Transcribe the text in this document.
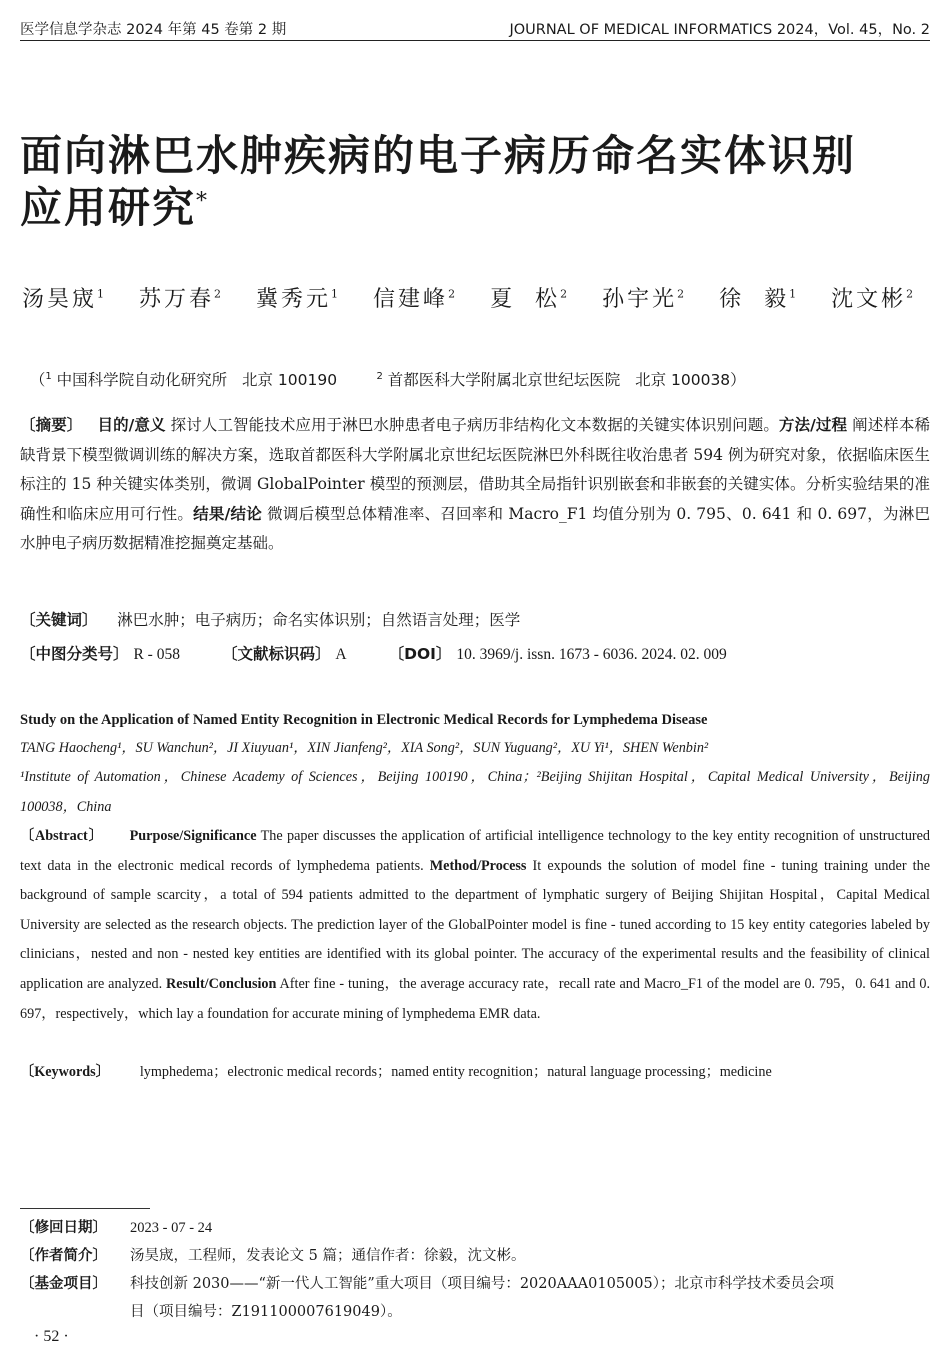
医学信息学杂志 2024 年第 45 卷第 2 期	JOURNAL OF MEDICAL INFORMATICS 2024，Vol. 45，No. 2
面向淋巴水肿疾病的电子病历命名实体识别
应用研究*
汤昊宬$^1$ 苏万春$^2$ 冀秀元$^1$ 信建峰$^2$ 夏  松$^2$ 孙宇光$^2$ 徐  毅$^1$ 沈文彬$^2$

（$^1$ 中国科学院自动化研究所   北京 100190	$^2$ 首都医科大学附属北京世纪坛医院   北京 100038）

〔摘要〕 目的/意义 探讨人工智能技术应用于淋巴水肿患者电子病历非结构化文本数据的关键实体识别问题。方法/过程 阐述样本稀缺背景下模型微调训练的解决方案，选取首都医科大学附属北京世纪坛医院淋巴外科既往收治患者 594 例为研究对象，依据临床医生标注的 15 种关键实体类别，微调 GlobalPointer 模型的预测层，借助其全局指针识别嵌套和非嵌套的关键实体。分析实验结果的准确性和临床应用可行性。结果/结论 微调后模型总体精准率、召回率和 Macro_F1 均值分别为 0. 795、0. 641 和 0. 697，为淋巴水肿电子病历数据精准挖掘奠定基础。
〔关键词〕 淋巴水肿；电子病历；命名实体识别；自然语言处理；医学
〔中图分类号〕 R - 058	〔文献标识码〕 A	〔DOI〕 10. 3969/j. issn. 1673 - 6036. 2024. 02. 009
Study on the Application of Named Entity Recognition in Electronic Medical Records for Lymphedema Disease
TANG Haocheng¹，SU Wanchun²，JI Xiuyuan¹，XIN Jianfeng²，XIA Song²，SUN Yuguang²，XU Yi¹，SHEN Wenbin²
¹Institute of Automation，Chinese Academy of Sciences，Beijing 100190，China；²Beijing Shijitan Hospital，Capital Medical University，Beijing 100038，China
〔Abstract〕 Purpose/Significance The paper discusses the application of artificial intelligence technology to the key entity recognition of unstructured text data in the electronic medical records of lymphedema patients. Method/Process It expounds the solution of model fine - tuning training under the background of sample scarcity，a total of 594 patients admitted to the department of lymphatic surgery of Beijing Shijitan Hospital，Capital Medical University are selected as the research objects. The prediction layer of the GlobalPointer model is fine - tuned according to 15 key entity categories labeled by clinicians，nested and non - nested key entities are identified with its global pointer. The accuracy of the experimental results and the feasibility of clinical application are analyzed. Result/Conclusion After fine - tuning，the average accuracy rate，recall rate and Macro_F1 of the model are 0. 795，0. 641 and 0. 697，respectively，which lay a foundation for accurate mining of lymphedema EMR data.
〔Keywords〕 lymphedema；electronic medical records；named entity recognition；natural language processing；medicine
〔修回日期〕 2023 - 07 - 24
〔作者简介〕 汤昊宬，工程师，发表论文 5 篇；通信作者：徐毅，沈文彬。
〔基金项目〕 科技创新 2030——“新一代人工智能”重大项目（项目编号：2020AAA0105005）；北京市科学技术委员会项
目（项目编号：Z191100007619049）。
· 52 ·
